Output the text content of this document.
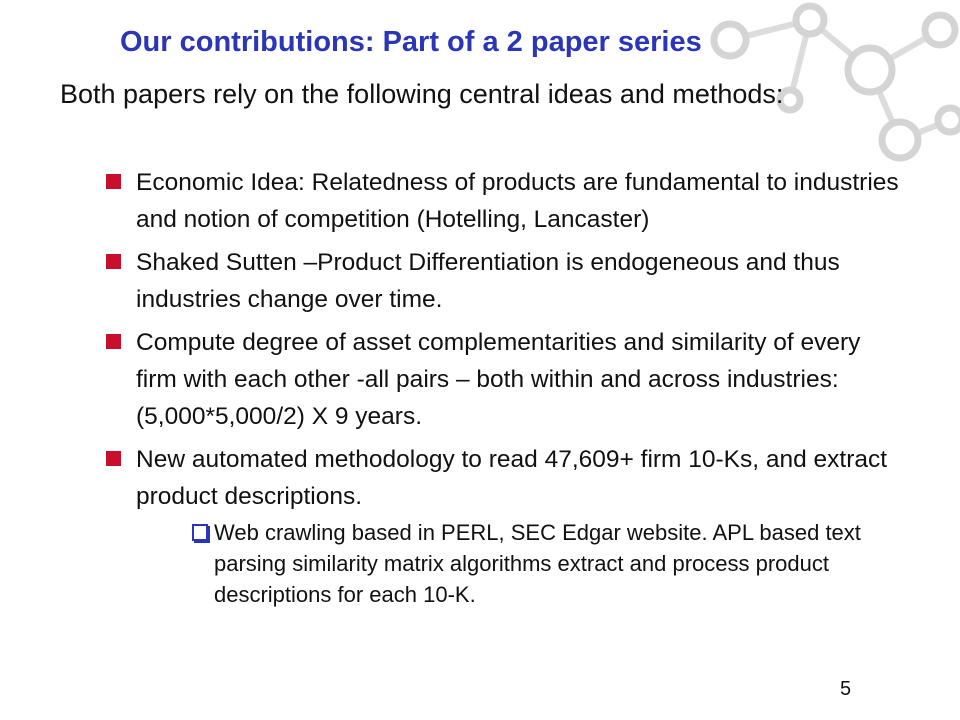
Our contributions: Part of a 2 paper series
Both papers rely on the following central ideas and methods:
Economic Idea: Relatedness of products are fundamental to industries and notion of competition (Hotelling, Lancaster)
Shaked Sutten –Product Differentiation is endogeneous and thus industries change over time.
Compute degree of asset complementarities and similarity of every firm with each other -all pairs – both within and across industries: (5,000*5,000/2) X 9 years.
New automated methodology to read 47,609+ firm 10-Ks, and extract product descriptions.
Web crawling based in PERL, SEC Edgar website. APL based text parsing similarity matrix algorithms extract and process product descriptions for each 10-K.
5
